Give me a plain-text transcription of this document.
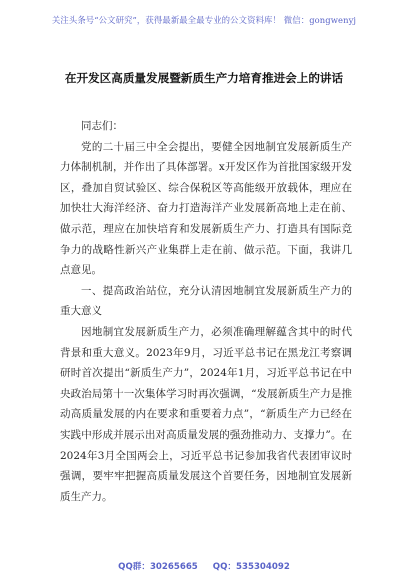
关注头条号“公文研究”，获得最新最全最专业的公文资料库！ 微信：gongwenyj
在开发区高质量发展暨新质生产力培育推进会上的讲话

同志们：

党的二十届三中全会提出，要健全因地制宜发展新质生产力体制机制，并作出了具体部署。x开发区作为首批国家级开发区，叠加自贸试验区、综合保税区等高能级开放载体，理应在加快壮大海洋经济、奋力打造海洋产业发展新高地上走在前、做示范，理应在加快培育和发展新质生产力、打造具有国际竞争力的战略性新兴产业集群上走在前、做示范。下面，我讲几点意见。

一、提高政治站位，充分认清因地制宜发展新质生产力的重大意义

因地制宜发展新质生产力，必须准确理解蕴含其中的时代背景和重大意义。2023年9月，习近平总书记在黑龙江考察调研时首次提出“新质生产力”，2024年1月，习近平总书记在中央政治局第十一次集体学习时再次强调，“发展新质生产力是推动高质量发展的内在要求和重要着力点”，“新质生产力已经在实践中形成并展示出对高质量发展的强劲推动力、支撑力”。在2024年3月全国两会上，习近平总书记参加我省代表团审议时强调，要牢牢把握高质量发展这个首要任务，因地制宜发展新质生产力。

QQ群：30265665 QQ：535304092
